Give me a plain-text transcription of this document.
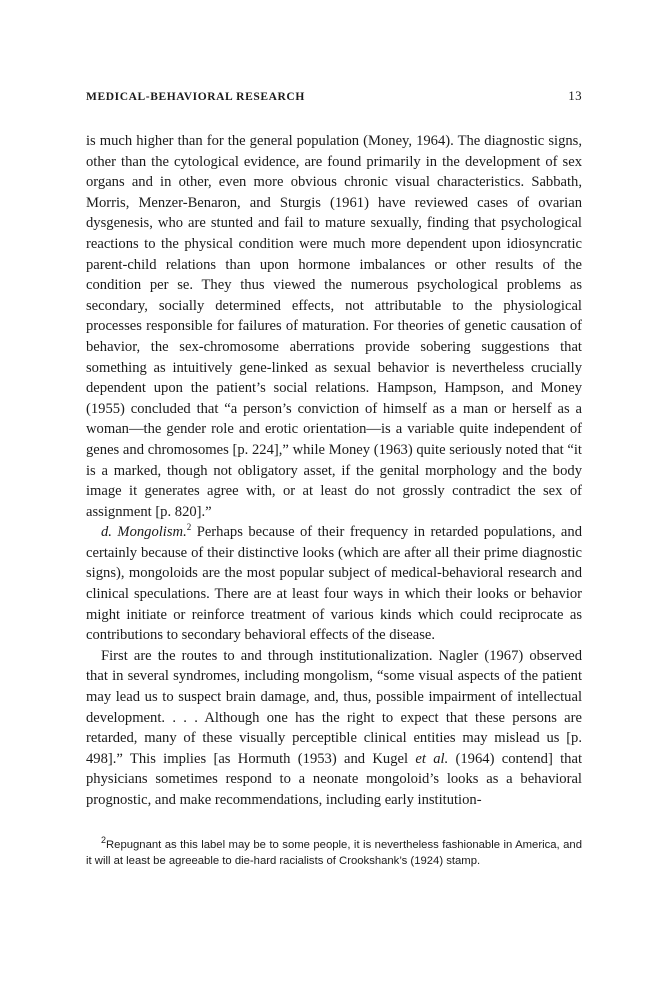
MEDICAL-BEHAVIORAL RESEARCH	13

is much higher than for the general population (Money, 1964). The diagnostic signs, other than the cytological evidence, are found primarily in the development of sex organs and in other, even more obvious chronic visual characteristics. Sabbath, Morris, Menzer-Benaron, and Sturgis (1961) have reviewed cases of ovarian dysgenesis, who are stunted and fail to mature sexually, finding that psychological reactions to the physical condition were much more dependent upon idiosyncratic parent-child relations than upon hormone imbalances or other results of the condition per se. They thus viewed the numerous psychological problems as secondary, socially determined effects, not attributable to the physiological processes responsible for failures of maturation. For theories of genetic causation of behavior, the sex-chromosome aberrations provide sobering suggestions that something as intuitively gene-linked as sexual behavior is nevertheless crucially dependent upon the patient’s social relations. Hampson, Hampson, and Money (1955) concluded that “a person’s conviction of himself as a man or herself as a woman—the gender role and erotic orientation—is a variable quite independent of genes and chromosomes [p. 224],” while Money (1963) quite seriously noted that “it is a marked, though not obligatory asset, if the genital morphology and the body image it generates agree with, or at least do not grossly contradict the sex of assignment [p. 820].”

d. Mongolism.$^2$ Perhaps because of their frequency in retarded populations, and certainly because of their distinctive looks (which are after all their prime diagnostic signs), mongoloids are the most popular subject of medical-behavioral research and clinical speculations. There are at least four ways in which their looks or behavior might initiate or reinforce treatment of various kinds which could reciprocate as contributions to secondary behavioral effects of the disease.

First are the routes to and through institutionalization. Nagler (1967) observed that in several syndromes, including mongolism, “some visual aspects of the patient may lead us to suspect brain damage, and, thus, possible impairment of intellectual development. . . . Although one has the right to expect that these persons are retarded, many of these visually perceptible clinical entities may mislead us [p. 498].” This implies [as Hormuth (1953) and Kugel et al. (1964) contend] that physicians sometimes respond to a neonate mongoloid’s looks as a behavioral prognostic, and make recommendations, including early institution-

$^2$Repugnant as this label may be to some people, it is nevertheless fashionable in America, and it will at least be agreeable to die-hard racialists of Crookshank’s (1924) stamp.
